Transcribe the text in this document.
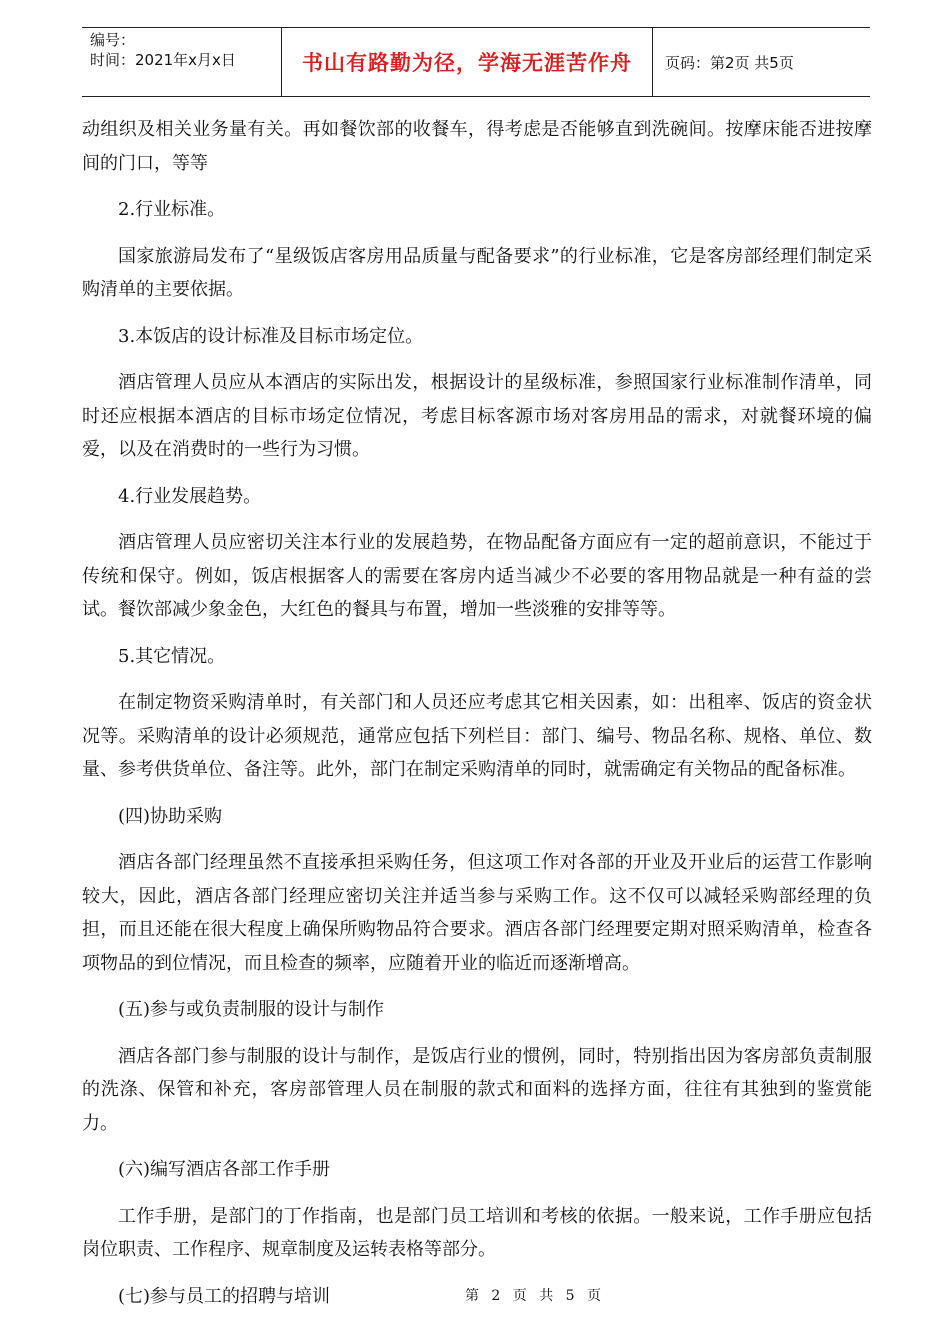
编号：
时间：2021年x月x日	书山有路勤为径，学海无涯苦作舟	页码：第2页 共5页

动组织及相关业务量有关。再如餐饮部的收餐车，得考虑是否能够直到洗碗间。按摩床能否进按摩间的门口，等等

2.行业标准。

国家旅游局发布了“星级饭店客房用品质量与配备要求”的行业标准，它是客房部经理们制定采购清单的主要依据。

3.本饭店的设计标准及目标市场定位。

酒店管理人员应从本酒店的实际出发，根据设计的星级标准，参照国家行业标准制作清单，同时还应根据本酒店的目标市场定位情况，考虑目标客源市场对客房用品的需求，对就餐环境的偏爱，以及在消费时的一些行为习惯。

4.行业发展趋势。

酒店管理人员应密切关注本行业的发展趋势，在物品配备方面应有一定的超前意识，不能过于传统和保守。例如，饭店根据客人的需要在客房内适当减少不必要的客用物品就是一种有益的尝试。餐饮部减少象金色，大红色的餐具与布置，增加一些淡雅的安排等等。

5.其它情况。

在制定物资采购清单时，有关部门和人员还应考虑其它相关因素，如：出租率、饭店的资金状况等。采购清单的设计必须规范，通常应包括下列栏目：部门、编号、物品名称、规格、单位、数量、参考供货单位、备注等。此外，部门在制定采购清单的同时，就需确定有关物品的配备标准。

(四)协助采购

酒店各部门经理虽然不直接承担采购任务，但这项工作对各部的开业及开业后的运营工作影响较大，因此，酒店各部门经理应密切关注并适当参与采购工作。这不仅可以减轻采购部经理的负担，而且还能在很大程度上确保所购物品符合要求。酒店各部门经理要定期对照采购清单，检查各项物品的到位情况，而且检查的频率，应随着开业的临近而逐渐增高。

(五)参与或负责制服的设计与制作

酒店各部门参与制服的设计与制作，是饭店行业的惯例，同时，特别指出因为客房部负责制服的洗涤、保管和补充，客房部管理人员在制服的款式和面料的选择方面，往往有其独到的鉴赏能力。

(六)编写酒店各部工作手册

工作手册，是部门的丁作指南，也是部门员工培训和考核的依据。一般来说，工作手册应包括岗位职责、工作程序、规章制度及运转表格等部分。

(七)参与员工的招聘与培训	第 2 页 共 5 页
